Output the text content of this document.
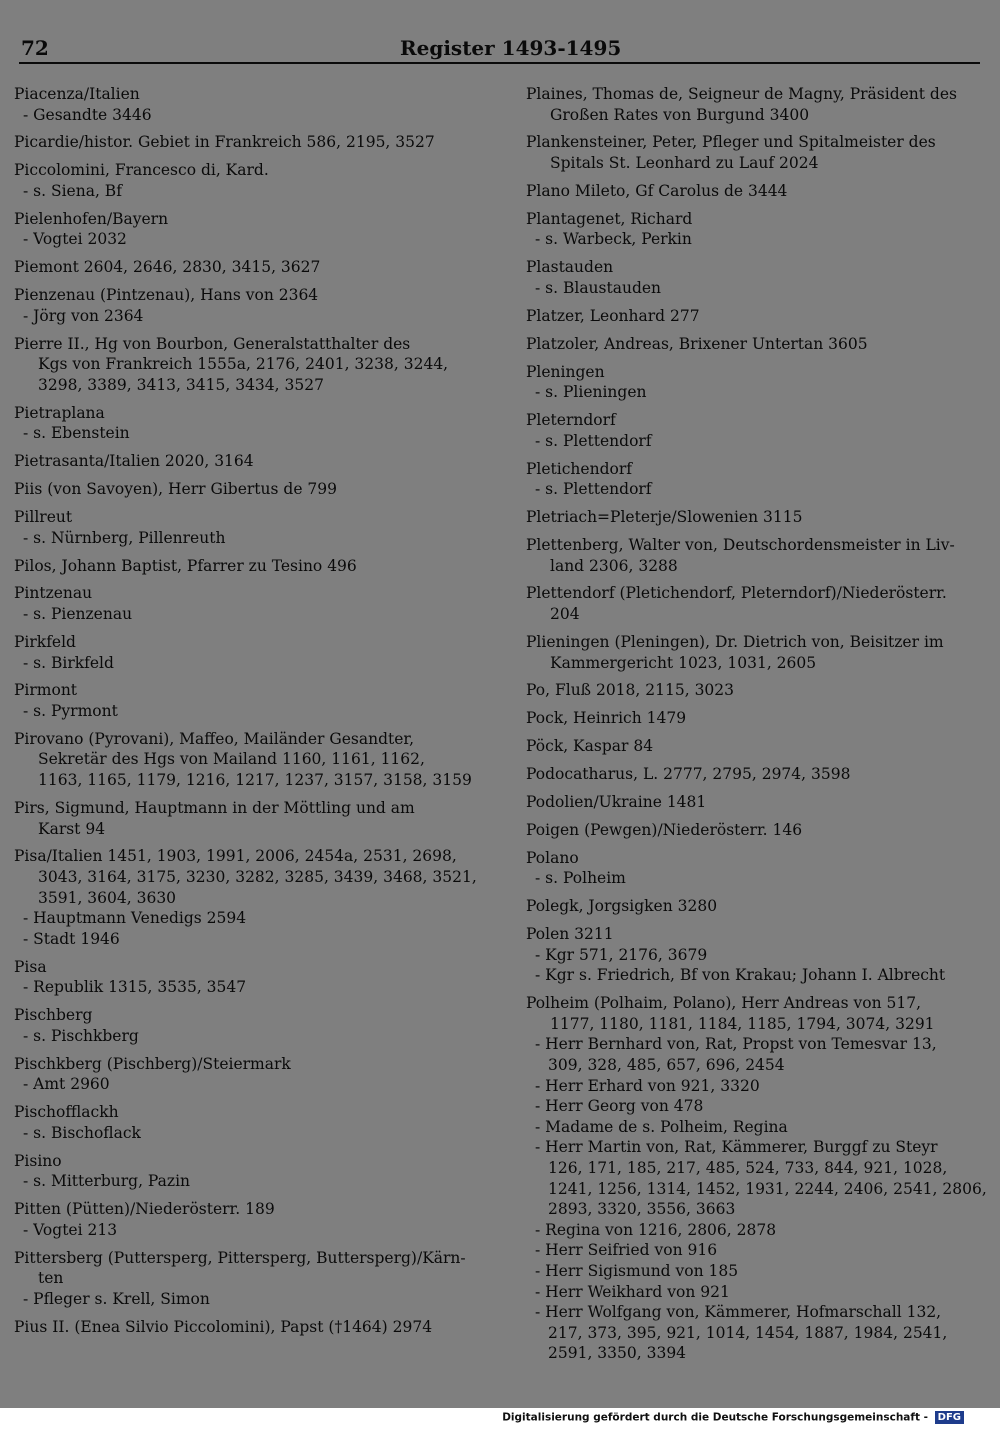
72	Register 1493-1495
Piacenza/Italien
- Gesandte 3446
Picardie/histor. Gebiet in Frankreich 586, 2195, 3527
Piccolomini, Francesco di, Kard.
- s. Siena, Bf
Pielenhofen/Bayern
- Vogtei 2032
Piemont 2604, 2646, 2830, 3415, 3627
Pienzenau (Pintzenau), Hans von 2364
- Jörg von 2364
Pierre II., Hg von Bourbon, Generalstatthalter des
Kgs von Frankreich 1555a, 2176, 2401, 3238, 3244,
3298, 3389, 3413, 3415, 3434, 3527
Pietraplana
- s. Ebenstein
Pietrasanta/Italien 2020, 3164
Piis (von Savoyen), Herr Gibertus de 799
Pillreut
- s. Nürnberg, Pillenreuth
Pilos, Johann Baptist, Pfarrer zu Tesino 496
Pintzenau
- s. Pienzenau
Pirkfeld
- s. Birkfeld
Pirmont
- s. Pyrmont
Pirovano (Pyrovani), Maffeo, Mailänder Gesandter,
Sekretär des Hgs von Mailand 1160, 1161, 1162,
1163, 1165, 1179, 1216, 1217, 1237, 3157, 3158, 3159
Pirs, Sigmund, Hauptmann in der Möttling und am
Karst 94
Pisa/Italien 1451, 1903, 1991, 2006, 2454a, 2531, 2698,
3043, 3164, 3175, 3230, 3282, 3285, 3439, 3468, 3521,
3591, 3604, 3630
- Hauptmann Venedigs 2594
- Stadt 1946
Pisa
- Republik 1315, 3535, 3547
Pischberg
- s. Pischkberg
Pischkberg (Pischberg)/Steiermark
- Amt 2960
Pischofflackh
- s. Bischoflack
Pisino
- s. Mitterburg, Pazin
Pitten (Pütten)/Niederösterr. 189
- Vogtei 213
Pittersberg (Puttersperg, Pittersperg, Buttersperg)/Kärn-
ten
- Pfleger s. Krell, Simon
Pius II. (Enea Silvio Piccolomini), Papst (†1464) 2974
Plaines, Thomas de, Seigneur de Magny, Präsident des
Großen Rates von Burgund 3400
Plankensteiner, Peter, Pfleger und Spitalmeister des
Spitals St. Leonhard zu Lauf 2024
Plano Mileto, Gf Carolus de 3444
Plantagenet, Richard
- s. Warbeck, Perkin
Plastauden
- s. Blaustauden
Platzer, Leonhard 277
Platzoler, Andreas, Brixener Untertan 3605
Pleningen
- s. Plieningen
Pleterndorf
- s. Plettendorf
Pletichendorf
- s. Plettendorf
Pletriach=Pleterje/Slowenien 3115
Plettenberg, Walter von, Deutschordensmeister in Liv-
land 2306, 3288
Plettendorf (Pletichendorf, Pleterndorf)/Niederösterr.
204
Plieningen (Pleningen), Dr. Dietrich von, Beisitzer im
Kammergericht 1023, 1031, 2605
Po, Fluß 2018, 2115, 3023
Pock, Heinrich 1479
Pöck, Kaspar 84
Podocatharus, L. 2777, 2795, 2974, 3598
Podolien/Ukraine 1481
Poigen (Pewgen)/Niederösterr. 146
Polano
- s. Polheim
Polegk, Jorgsigken 3280
Polen 3211
- Kgr 571, 2176, 3679
- Kgr s. Friedrich, Bf von Krakau; Johann I. Albrecht
Polheim (Polhaim, Polano), Herr Andreas von 517,
1177, 1180, 1181, 1184, 1185, 1794, 3074, 3291
- Herr Bernhard von, Rat, Propst von Temesvar 13,
309, 328, 485, 657, 696, 2454
- Herr Erhard von 921, 3320
- Herr Georg von 478
- Madame de s. Polheim, Regina
- Herr Martin von, Rat, Kämmerer, Burggf zu Steyr
126, 171, 185, 217, 485, 524, 733, 844, 921, 1028,
1241, 1256, 1314, 1452, 1931, 2244, 2406, 2541, 2806,
2893, 3320, 3556, 3663
- Regina von 1216, 2806, 2878
- Herr Seifried von 916
- Herr Sigismund von 185
- Herr Weikhard von 921
- Herr Wolfgang von, Kämmerer, Hofmarschall 132,
217, 373, 395, 921, 1014, 1454, 1887, 1984, 2541,
2591, 3350, 3394
Digitalisierung gefördert durch die Deutsche Forschungsgemeinschaft - DFG
